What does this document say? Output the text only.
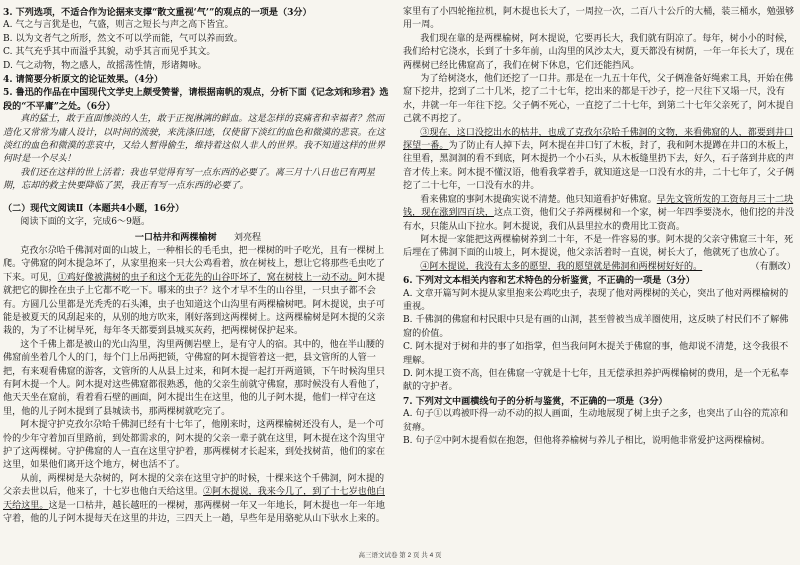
3. 下列选项，不适合作为论据来支撑“散文重视‘气’”的观点的一项是（3分）

A. 气之与言犹是也，气盛，则言之短长与声之高下皆宜。

B. 以为文者气之所形，然文不可以学而能，气可以养而致。

C. 其气充乎其中而溢乎其貌，动乎其言而见乎其文。

D. 气之动物，物之感人，故摇荡性情，形诸舞咏。

4. 请简要分析原文的论证效果。（4分）

5. 鲁迅的作品在中国现代文学史上颇受赞誉，请根据南帆的观点，分析下面《记念刘和珍君》选段的“不平庸”之处。（6分）

真的猛士，敢于直面惨淡的人生，敢于正视淋漓的鲜血。这是怎样的哀痛者和幸福者？然而造化又常常为庸人设计，以时间的流驶，来洗涤旧迹，仅使留下淡红的血色和微漠的悲哀。在这淡红的血色和微漠的悲哀中，又给人暂得偷生，维持着这似人非人的世界。我不知道这样的世界何时是一个尽头！

我们还在这样的世上活着；我也早觉得有写一点东西的必要了。离三月十八日也已有两星期，忘却的救主快要降临了罢，我正有写一点东西的必要了。

（二）现代文阅读Ⅱ（本题共4小题，16分）

阅读下面的文字，完成6～9题。

一口枯井和两棵榆树 刘亮程

克孜尔尕哈千佛洞对面的山坡上，一种相长的毛毛虫，把一棵树的叶子吃光，且有一棵树上爬。守佛窟的阿木提急坏了，从家里抱来一只大公鸡看着，放在树枝上，想让它将那些毛虫吃了下来。可见，①鸡好像被满树的虫子和这个无花先的山谷吓坏了，窝在树枝上一动不动。阿木提就把它的脚拴在虫子上它都不吃一下。哪来的虫子？这个才早不生的山谷里，一只虫子都不会有。方圆几公里都是光秃秃的石头滩，虫子也知道这个山沟里有两棵榆树吧。阿木提说，虫子可能是被夏天的风刮起来的，从别的地方吹来，刚好落到这两棵树上。这两棵榆树是阿木提的父亲栽的，为了不让树旱死，每年冬天都要到县城买灰药，把两棵树保护起来。

这个千佛上都是被山的光山沟里，沟里两侧岩壁上，是有守人的宿。其中的，他在半山腰的佛窟前坐着几个人的门，每个门上吊两把锁，守佛窟的阿木提管着这一把，县文管所的人管一把，有来观看佛窟的游客，文管所的人从县上过来，和阿木提一起打开两道锁，下午时候沟里只有阿木提一个人。阿木提对这些佛窟都很熟悉，他的父亲生前就守佛窟，那时候没有人看他了，他天天坐在窟前，看着看石壁的画面，阿木提出生在这里，他的儿子阿木提，他们一样守在这里，他的儿子阿木提到了县城读书，那两棵树就吃完了。

阿木提守护克孜尔尕哈千佛洞已经有十七年了，他刚来时，这两棵榆树还没有人，是一个可怜的少年守着加百里路前，到处都需求的，阿木提的父亲一辈子就在这里，阿木提在这个沟里守护了这两棵树。守护佛窟的人一直在这里守护着，那两棵树才长起来，到处找树苗，他们的家在这里，如果他们离开这个地方，树也活不了。

从前，两棵树是大杂树的，阿木提的父亲在这里守护的时候，十棵来这个千佛洞，阿木提的父亲去世以后，他来了，十七岁也他白天给这里。②阿木提说，我来今几了，到了十七岁也他白天给这里。这是一口枯井，越长越旺的一棵树，那两棵树一年又一年地长，阿木提也一年一年地守着，他的儿子阿木提每天在这里的井边，三四天上一趟，早些年是用骆驼从山下驮水上来的。

家里有了小四轮拖拉机，阿木提也长大了，一周拉一次，二百八十公斤的大桶，装三桶水，勉强够用一周。

我们现在靠的是两棵榆树，阿木提说，它要再长大，我们就有阴凉了。每年，树小小的时候，我们给村它浇水，长到了十多年前，山沟里的风沙太大，夏天都没有树荫，一年一年长大了，现在两棵树已经比佛窟高了，我们在树下休息，它们还能挡风。

为了给树浇水，他们还挖了一口井。那是在一九五十年代，父子俩准备好绳索工具，开始在佛窟下挖井，挖到了二十几米，挖了二十七年，挖出来的都是干沙子，挖一尺往下又塌一尺，没有水，井就一年一年往下挖。父子俩不死心，一直挖了二十七年，到第二十七年父亲死了，阿木提自己就不再挖了。

③现在，这口没挖出水的枯井，也成了克孜尔尕哈千佛洞的文物，来看佛窟的人，都要到井口探望一番。为了防止有人掉下去，阿木提在井口钉了木板，封了，我和阿木提蹲在井口的木板上，往里看，黑洞洞的看不到底，阿木提扔一个小石头，从木板缝里扔下去，好久，石子落到井底的声音才传上来。阿木提不懂汉语，他看我掌着手，就知道这是一口没有水的井，二十七年了，父子俩挖了二十七年，一口没有水的井。

看来佛窟的事阿木提确实说不清楚。他只知道看护好佛窟。早先文管所发的工资每月三十二块钱，现在涨到四百块，这点工资，他们父子养两棵树和一个家，树一年四季要浇水，他们挖的井没有水，只能从山下拉水。阿木提说，我们从县里拉水的费用比工资高。

阿木提一家能把这两棵榆树养到二十年，不是一件容易的事。阿木提的父亲守佛窟三十年，死后埋在了佛洞下面的山坡上，阿木提说，他父亲活着时一直说，树长大了，他就死了也放心了。

④阿木提说，我没有太多的愿望，我的愿望就是佛洞和两棵树好好的。	（有删改）

6. 下列对文本相关内容和艺术特色的分析鉴赏，不正确的一项是（3分）

A. 文章开篇写阿木提从家里抱来公鸡吃虫子，表现了他对两棵树的关心，突出了他对两棵榆树的重视。

B. 千佛洞的佛窟和村民眼中只是有画的山洞，甚至曾被当成羊圈使用，这反映了村民们不了解佛窟的价值。

C. 阿木提对于树和井的事了如指掌，但当我问阿木提关于佛窟的事，他却说不清楚，这令我很不理解。

D. 阿木提工资不高，但在佛窟一守就是十七年，且无偿承担养护两棵榆树的费用，是一个无私奉献的守护者。

7. 下列对文中画横线句子的分析与鉴赏，不正确的一项是（3分）

A. 句子①以鸡被吓得一动不动的拟人画面，生动地展现了树上虫子之多，也突出了山谷的荒凉和贫瘠。

B. 句子②中阿木提看似在抱怨，但他将养榆树与养儿子相比，说明他非常爱护这两棵榆树。

高三语文试卷 第 2 页 共 4 页
